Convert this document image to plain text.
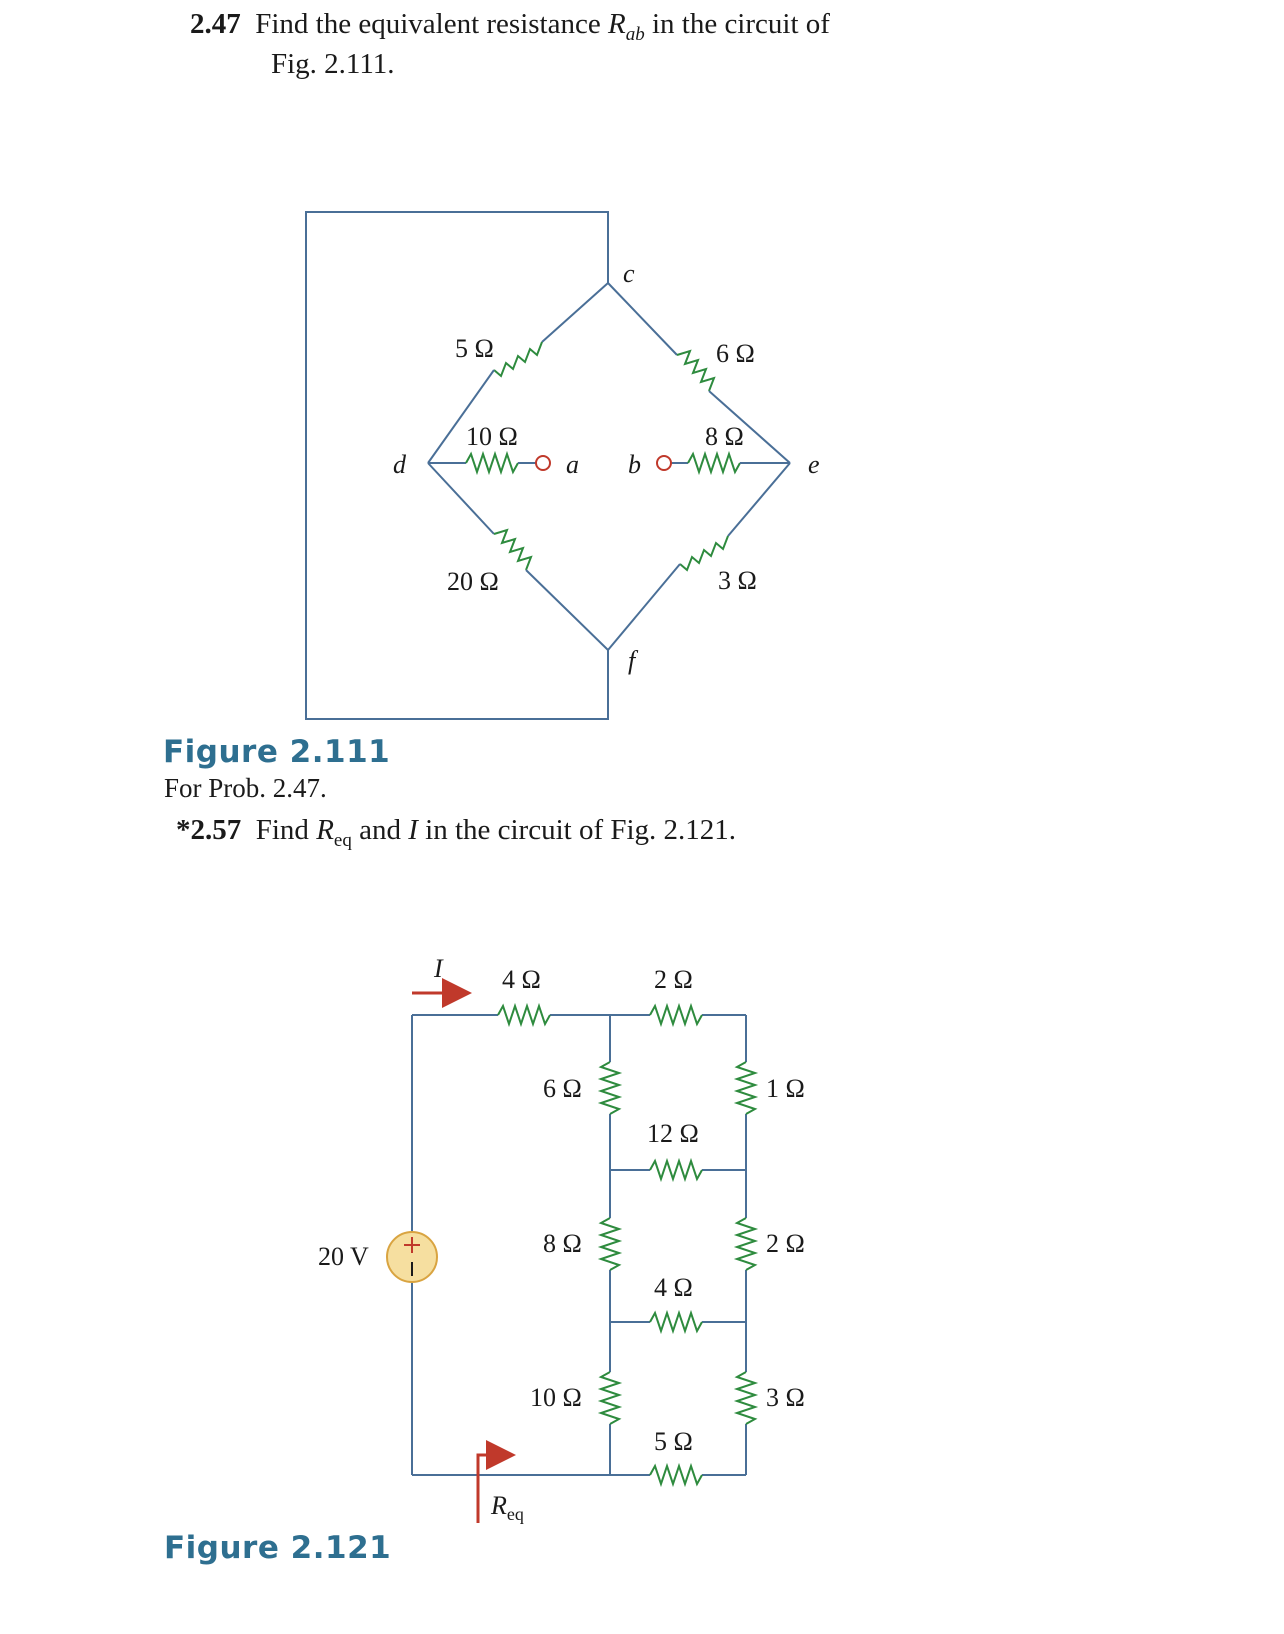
2.47 Find the equivalent resistance $R_{ab}$ in the circuit of
Fig. 2.111.
Figure 2.111
For Prob. 2.47.
*2.57 Find $R_{eq}$ and I in the circuit of Fig. 2.121.
Figure 2.121
c
d	a b	e
f
5 Ω	6 Ω
10 Ω	8 Ω
20 Ω	3 Ω
20 V
I
$R_{eq}$
4 Ω	2 Ω
6 Ω	1 Ω
12 Ω
8 Ω	2 Ω
4 Ω
10 Ω	3 Ω
5 Ω
